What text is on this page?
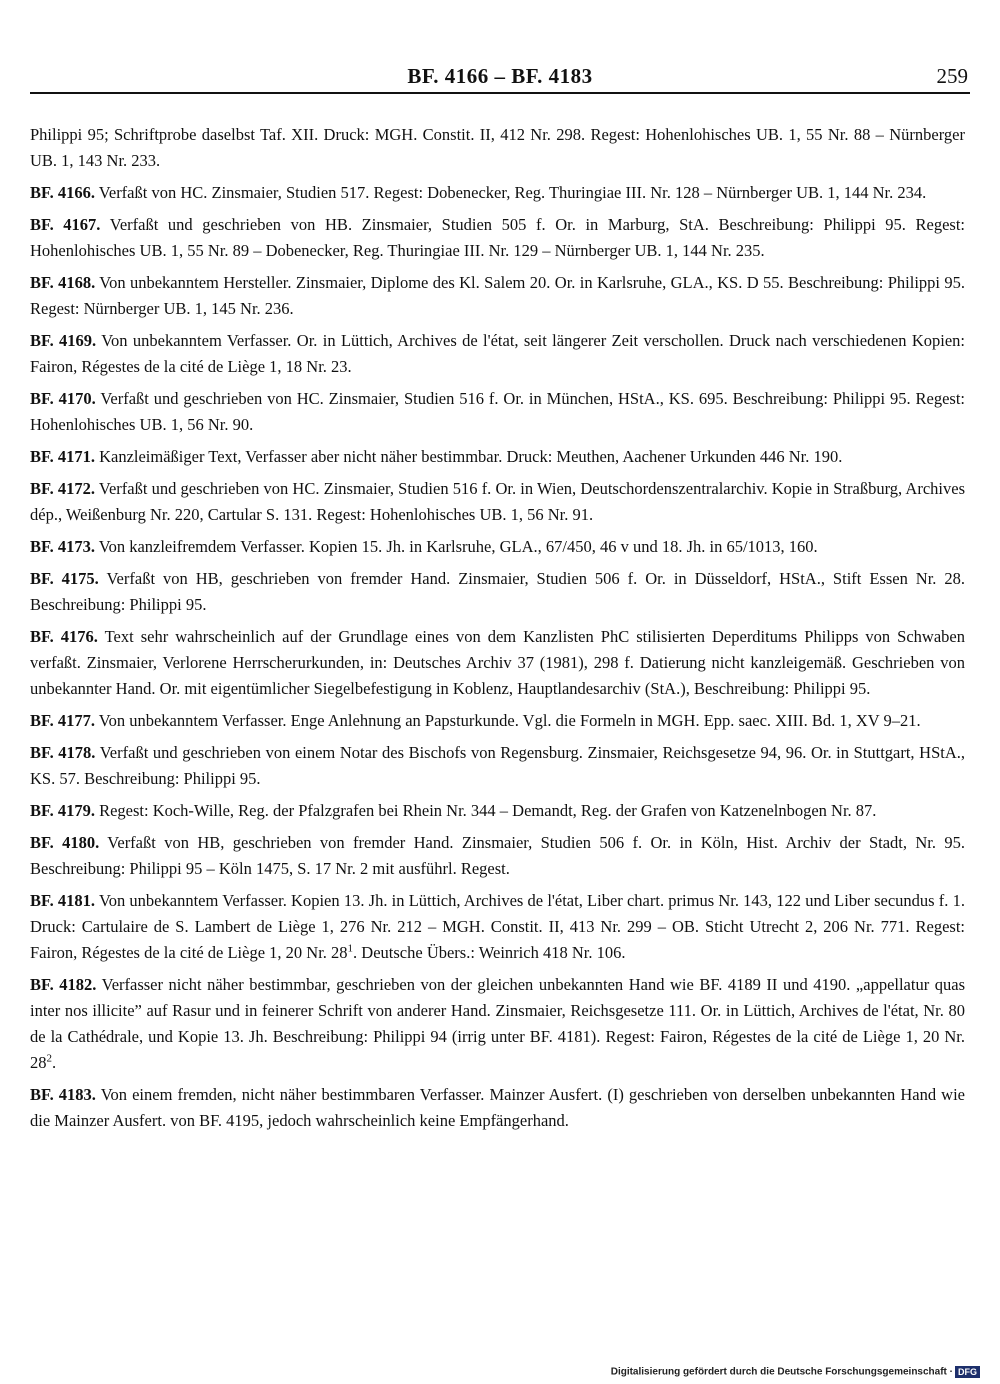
BF. 4166 – BF. 4183	259

Philippi 95; Schriftprobe daselbst Taf. XII. Druck: MGH. Constit. II, 412 Nr. 298. Regest: Hohenlohisches UB. 1, 55 Nr. 88 – Nürnberger UB. 1, 143 Nr. 233.

BF. 4166. Verfaßt von HC. Zinsmaier, Studien 517. Regest: Dobenecker, Reg. Thuringiae III. Nr. 128 – Nürnberger UB. 1, 144 Nr. 234.

BF. 4167. Verfaßt und geschrieben von HB. Zinsmaier, Studien 505 f. Or. in Marburg, StA. Beschreibung: Philippi 95. Regest: Hohenlohisches UB. 1, 55 Nr. 89 – Dobenecker, Reg. Thuringiae III. Nr. 129 – Nürnberger UB. 1, 144 Nr. 235.

BF. 4168. Von unbekanntem Hersteller. Zinsmaier, Diplome des Kl. Salem 20. Or. in Karlsruhe, GLA., KS. D 55. Beschreibung: Philippi 95. Regest: Nürnberger UB. 1, 145 Nr. 236.

BF. 4169. Von unbekanntem Verfasser. Or. in Lüttich, Archives de l'état, seit längerer Zeit verschollen. Druck nach verschiedenen Kopien: Fairon, Régestes de la cité de Liège 1, 18 Nr. 23.

BF. 4170. Verfaßt und geschrieben von HC. Zinsmaier, Studien 516 f. Or. in München, HStA., KS. 695. Beschreibung: Philippi 95. Regest: Hohenlohisches UB. 1, 56 Nr. 90.

BF. 4171. Kanzleimäßiger Text, Verfasser aber nicht näher bestimmbar. Druck: Meuthen, Aachener Urkunden 446 Nr. 190.

BF. 4172. Verfaßt und geschrieben von HC. Zinsmaier, Studien 516 f. Or. in Wien, Deutschordenszentralarchiv. Kopie in Straßburg, Archives dép., Weißenburg Nr. 220, Cartular S. 131. Regest: Hohenlohisches UB. 1, 56 Nr. 91.

BF. 4173. Von kanzleifremdem Verfasser. Kopien 15. Jh. in Karlsruhe, GLA., 67/450, 46 v und 18. Jh. in 65/1013, 160.

BF. 4175. Verfaßt von HB, geschrieben von fremder Hand. Zinsmaier, Studien 506 f. Or. in Düsseldorf, HStA., Stift Essen Nr. 28. Beschreibung: Philippi 95.

BF. 4176. Text sehr wahrscheinlich auf der Grundlage eines von dem Kanzlisten PhC stilisierten Deperditums Philipps von Schwaben verfaßt. Zinsmaier, Verlorene Herrscherurkunden, in: Deutsches Archiv 37 (1981), 298 f. Datierung nicht kanzleigemäß. Geschrieben von unbekannter Hand. Or. mit eigentümlicher Siegelbefestigung in Koblenz, Hauptlandesarchiv (StA.), Beschreibung: Philippi 95.

BF. 4177. Von unbekanntem Verfasser. Enge Anlehnung an Papsturkunde. Vgl. die Formeln in MGH. Epp. saec. XIII. Bd. 1, XV 9–21.

BF. 4178. Verfaßt und geschrieben von einem Notar des Bischofs von Regensburg. Zinsmaier, Reichsgesetze 94, 96. Or. in Stuttgart, HStA., KS. 57. Beschreibung: Philippi 95.

BF. 4179. Regest: Koch-Wille, Reg. der Pfalzgrafen bei Rhein Nr. 344 – Demandt, Reg. der Grafen von Katzenelnbogen Nr. 87.

BF. 4180. Verfaßt von HB, geschrieben von fremder Hand. Zinsmaier, Studien 506 f. Or. in Köln, Hist. Archiv der Stadt, Nr. 95. Beschreibung: Philippi 95 – Köln 1475, S. 17 Nr. 2 mit ausführl. Regest.

BF. 4181. Von unbekanntem Verfasser. Kopien 13. Jh. in Lüttich, Archives de l'état, Liber chart. primus Nr. 143, 122 und Liber secundus f. 1. Druck: Cartulaire de S. Lambert de Liège 1, 276 Nr. 212 – MGH. Constit. II, 413 Nr. 299 – OB. Sticht Utrecht 2, 206 Nr. 771. Regest: Fairon, Régestes de la cité de Liège 1, 20 Nr. $28^1$. Deutsche Übers.: Weinrich 418 Nr. 106.

BF. 4182. Verfasser nicht näher bestimmbar, geschrieben von der gleichen unbekannten Hand wie BF. 4189 II und 4190. „appellatur quas inter nos illicite” auf Rasur und in feinerer Schrift von anderer Hand. Zinsmaier, Reichsgesetze 111. Or. in Lüttich, Archives de l'état, Nr. 80 de la Cathédrale, und Kopie 13. Jh. Beschreibung: Philippi 94 (irrig unter BF. 4181). Regest: Fairon, Régestes de la cité de Liège 1, 20 Nr. $28^2$.

BF. 4183. Von einem fremden, nicht näher bestimmbaren Verfasser. Mainzer Ausfert. (I) geschrieben von derselben unbekannten Hand wie die Mainzer Ausfert. von BF. 4195, jedoch wahrscheinlich keine Empfängerhand.

Digitalisierung gefördert durch die Deutsche Forschungsgemeinschaft · DFG
